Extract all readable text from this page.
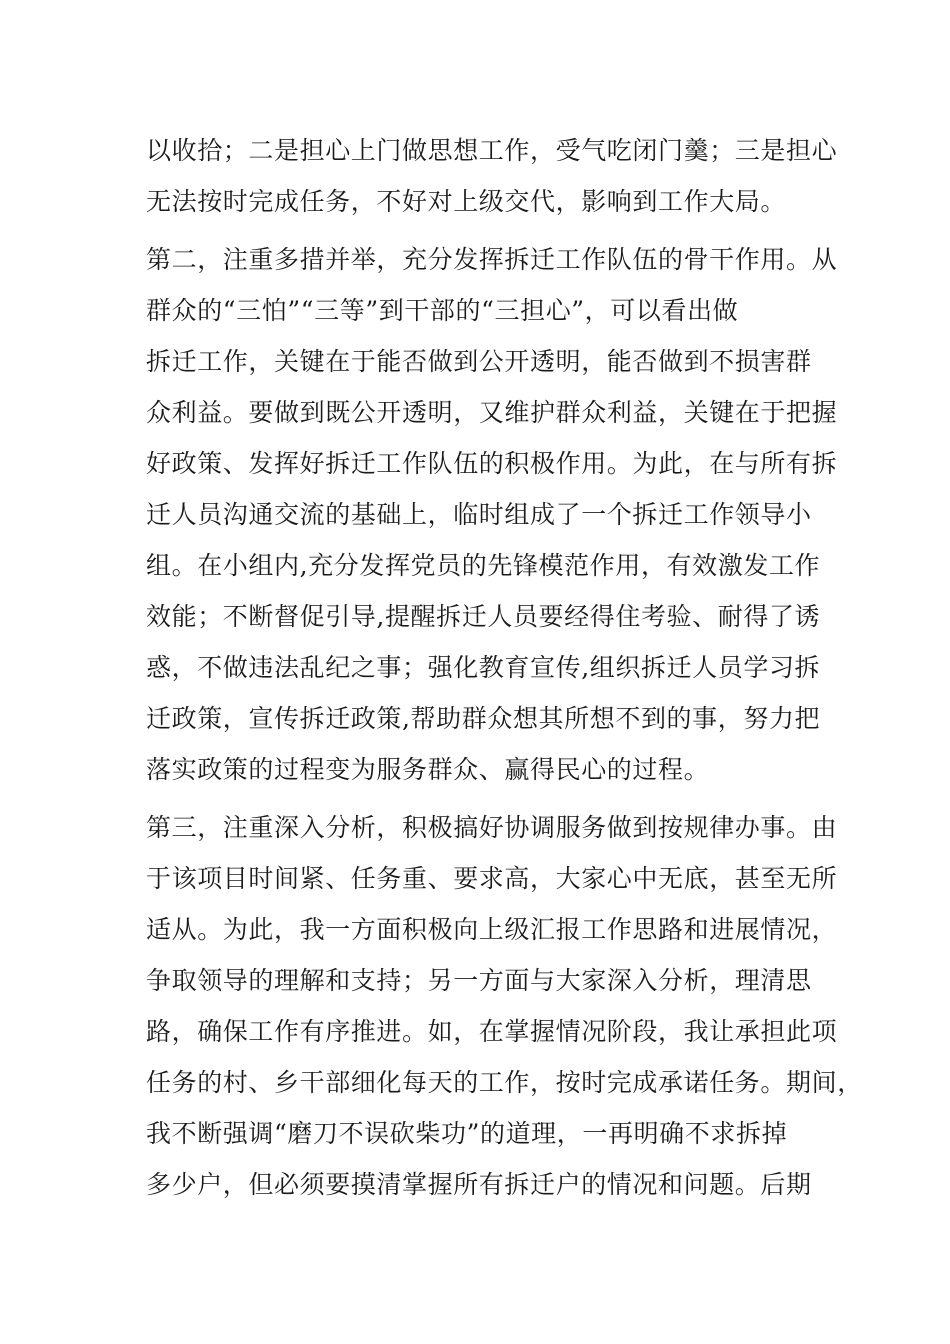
以收拾；二是担心上门做思想工作，受气吃闭门羹；三是担心
无法按时完成任务，不好对上级交代，影响到工作大局。
第二，注重多措并举，充分发挥拆迁工作队伍的骨干作用。从
群众的“三怕”“三等”到干部的“三担心”，可以看出做
拆迁工作，关键在于能否做到公开透明，能否做到不损害群
众利益。要做到既公开透明，又维护群众利益，关键在于把握
好政策、发挥好拆迁工作队伍的积极作用。为此，在与所有拆
迁人员沟通交流的基础上，临时组成了一个拆迁工作领导小
组。在小组内,充分发挥党员的先锋模范作用，有效激发工作
效能；不断督促引导,提醒拆迁人员要经得住考验、耐得了诱
惑，不做违法乱纪之事；强化教育宣传,组织拆迁人员学习拆
迁政策，宣传拆迁政策,帮助群众想其所想不到的事，努力把
落实政策的过程变为服务群众、赢得民心的过程。
第三，注重深入分析，积极搞好协调服务做到按规律办事。由
于该项目时间紧、任务重、要求高，大家心中无底，甚至无所
适从。为此，我一方面积极向上级汇报工作思路和进展情况，
争取领导的理解和支持；另一方面与大家深入分析，理清思
路，确保工作有序推进。如，在掌握情况阶段，我让承担此项
任务的村、乡干部细化每天的工作，按时完成承诺任务。期间，
我不断强调“磨刀不误砍柴功”的道理，一再明确不求拆掉
多少户，但必须要摸清掌握所有拆迁户的情况和问题。后期
